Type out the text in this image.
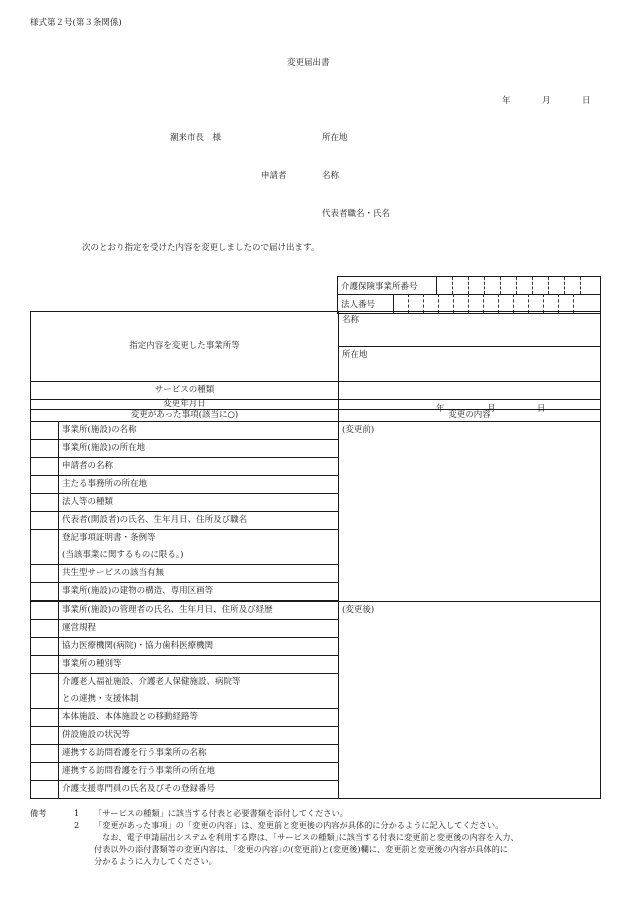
様式第２号(第３条関係)
変更届出書
年	月	日
潮来市長　様	所在地
申請者	名称
代表者職名・氏名
次のとおり指定を受けた内容を変更しましたので届け出ます。
介護保険事業所番号
法人番号
指定内容を変更した事業所等		名称
		所在地
サービスの種類		
変更年月日		年 月 日

変更があった事項(該当に○)		変更の内容
	事業所(施設)の名称	(変更前)
	事業所(施設)の所在地	
	申請者の名称	
	主たる事務所の所在地	
	法人等の種類	
	代表者(開設者)の氏名、生年月日、住所及び職名	
	登記事項証明書・条例等	
	(当該事業に関するものに限る。)	
	共生型サービスの該当有無	
	事業所(施設)の建物の構造、専用区画等	

	事業所(施設)の管理者の氏名、生年月日、住所及び経歴	(変更後)
	運営規程	
	協力医療機関(病院)・協力歯科医療機関	
	事業所の種別等	
	介護老人福祉施設、介護老人保健施設、病院等	
	との連携・支援体制	
	本体施設、本体施設との移動経路等	
	併設施設の状況等	
	連携する訪問看護を行う事業所の名称	
	連携する訪問看護を行う事業所の所在地	
	介護支援専門員の氏名及びその登録番号	
備考	1 「サービスの種類」に該当する付表と必要書類を添付してください。
2 「変更があった事項」の「変更の内容」は、変更前と変更後の内容が具体的に分かるように記入してください。
なお、電子申請届出システムを利用する際は、｢サービスの種類｣に該当する付表に変更前と変更後の内容を入力、
付表以外の添付書類等の変更内容は、｢変更の内容｣の(変更前)と(変更後)欄に、変更前と変更後の内容が具体的に
分かるように入力してください。
